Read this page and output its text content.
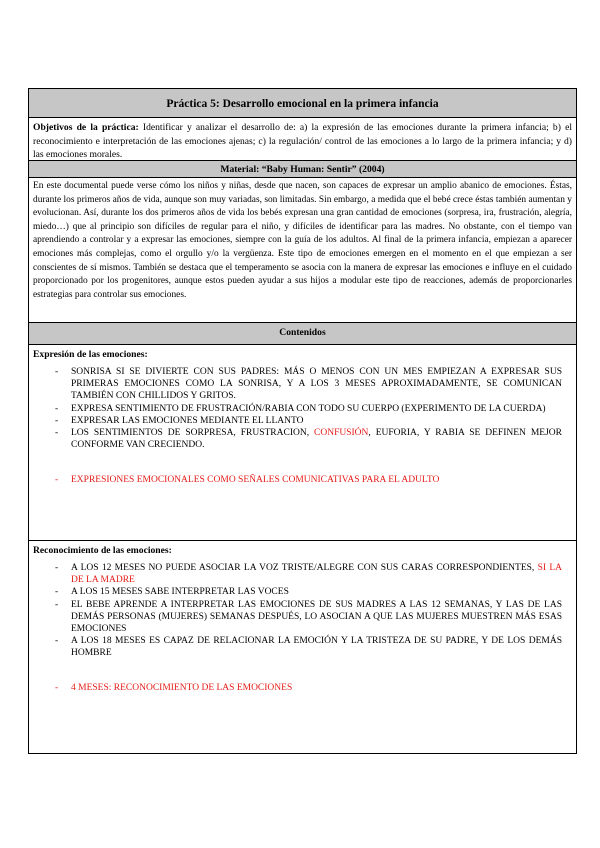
Práctica 5: Desarrollo emocional en la primera infancia
Objetivos de la práctica: Identificar y analizar el desarrollo de: a) la expresión de las emociones durante la primera infancia; b) el reconocimiento e interpretación de las emociones ajenas; c) la regulación/ control de las emociones a lo largo de la primera infancia; y d) las emociones morales.
Material: “Baby Human: Sentir” (2004)
En este documental puede verse cómo los niños y niñas, desde que nacen, son capaces de expresar un amplio abanico de emociones. Éstas, durante los primeros años de vida, aunque son muy variadas, son limitadas. Sin embargo, a medida que el bebé crece éstas también aumentan y evolucionan. Así, durante los dos primeros años de vida los bebés expresan una gran cantidad de emociones (sorpresa, ira, frustración, alegría, miedo…) que al principio son difíciles de regular para el niño, y difíciles de identificar para las madres. No obstante, con el tiempo van aprendiendo a controlar y a expresar las emociones, siempre con la guía de los adultos. Al final de la primera infancia, empiezan a aparecer emociones más complejas, como el orgullo y/o la vergüenza. Este tipo de emociones emergen en el momento en el que empiezan a ser conscientes de sí mismos. También se destaca que el temperamento se asocia con la manera de expresar las emociones e influye en el cuidado proporcionado por los progenitores, aunque estos pueden ayudar a sus hijos a modular este tipo de reacciones, además de proporcionarles estrategias para controlar sus emociones.
Contenidos
Expresión de las emociones:
- SONRISA SI SE DIVIERTE CON SUS PADRES: MÁS O MENOS CON UN MES EMPIEZAN A EXPRESAR SUS PRIMERAS EMOCIONES COMO LA SONRISA, Y A LOS 3 MESES APROXIMADAMENTE, SE COMUNICAN TAMBIÉN CON CHILLIDOS Y GRITOS.
- EXPRESA SENTIMIENTO DE FRUSTRACIÓN/RABIA CON TODO SU CUERPO (EXPERIMENTO DE LA CUERDA)
- EXPRESAR LAS EMOCIONES MEDIANTE EL LLANTO
- LOS SENTIMIENTOS DE SORPRESA, FRUSTRACION, CONFUSIÓN, EUFORIA, Y RABIA SE DEFINEN MEJOR CONFORME VAN CRECIENDO.
- EXPRESIONES EMOCIONALES COMO SEÑALES COMUNICATIVAS PARA EL ADULTO
Reconocimiento de las emociones:
- A LOS 12 MESES NO PUEDE ASOCIAR LA VOZ TRISTE/ALEGRE CON SUS CARAS CORRESPONDIENTES, SI LA DE LA MADRE
- A LOS 15 MESES SABE INTERPRETAR LAS VOCES
- EL BEBE APRENDE A INTERPRETAR LAS EMOCIONES DE SUS MADRES A LAS 12 SEMANAS, Y LAS DE LAS DEMÁS PERSONAS (MUJERES) SEMANAS DESPUÉS, LO ASOCIAN A QUE LAS MUJERES MUESTREN MÁS ESAS EMOCIONES
- A LOS 18 MESES ES CAPAZ DE RELACIONAR LA EMOCIÓN Y LA TRISTEZA DE SU PADRE, Y DE LOS DEMÁS HOMBRE
- 4 MESES: RECONOCIMIENTO DE LAS EMOCIONES
